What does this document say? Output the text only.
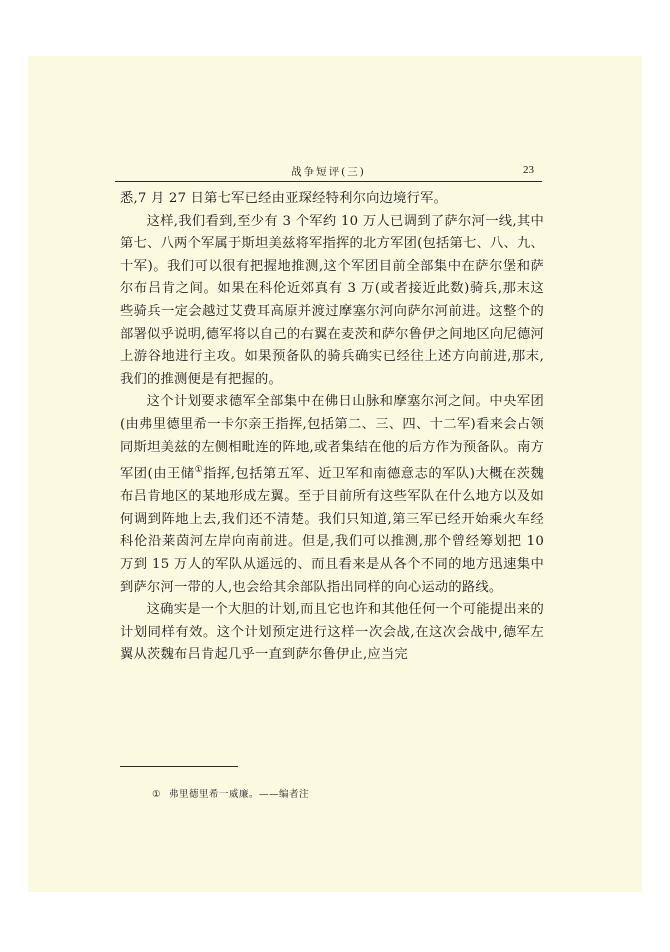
战争短评(三)	23

悉,7 月 27 日第七军已经由亚琛经特利尔向边境行军。

这样,我们看到,至少有 3 个军约 10 万人已调到了萨尔河一线,其中第七、八两个军属于斯坦美兹将军指挥的北方军团(包括第七、八、九、十军)。我们可以很有把握地推测,这个军团目前全部集中在萨尔堡和萨尔布吕肯之间。如果在科伦近郊真有 3 万(或者接近此数)骑兵,那末这些骑兵一定会越过艾费耳高原并渡过摩塞尔河向萨尔河前进。这整个的部署似乎说明,德军将以自己的右翼在麦茨和萨尔鲁伊之间地区向尼德河上游谷地进行主攻。如果预备队的骑兵确实已经往上述方向前进,那末,我们的推测便是有把握的。

这个计划要求德军全部集中在佛日山脉和摩塞尔河之间。中央军团(由弗里德里希一卡尔亲王指挥,包括第二、三、四、十二军)看来会占领同斯坦美兹的左侧相毗连的阵地,或者集结在他的后方作为预备队。南方军团(由王储①指挥,包括第五军、近卫军和南德意志的军队)大概在茨魏布吕肯地区的某地形成左翼。至于目前所有这些军队在什么地方以及如何调到阵地上去,我们还不清楚。我们只知道,第三军已经开始乘火车经科伦沿莱茵河左岸向南前进。但是,我们可以推测,那个曾经筹划把 10 万到 15 万人的军队从遥远的、而且看来是从各个不同的地方迅速集中到萨尔河一带的人,也会给其余部队指出同样的向心运动的路线。

这确实是一个大胆的计划,而且它也许和其他任何一个可能提出来的计划同样有效。这个计划预定进行这样一次会战,在这次会战中,德军左翼从茨魏布吕肯起几乎一直到萨尔鲁伊止,应当完

① 弗里德里希一威廉。——编者注
